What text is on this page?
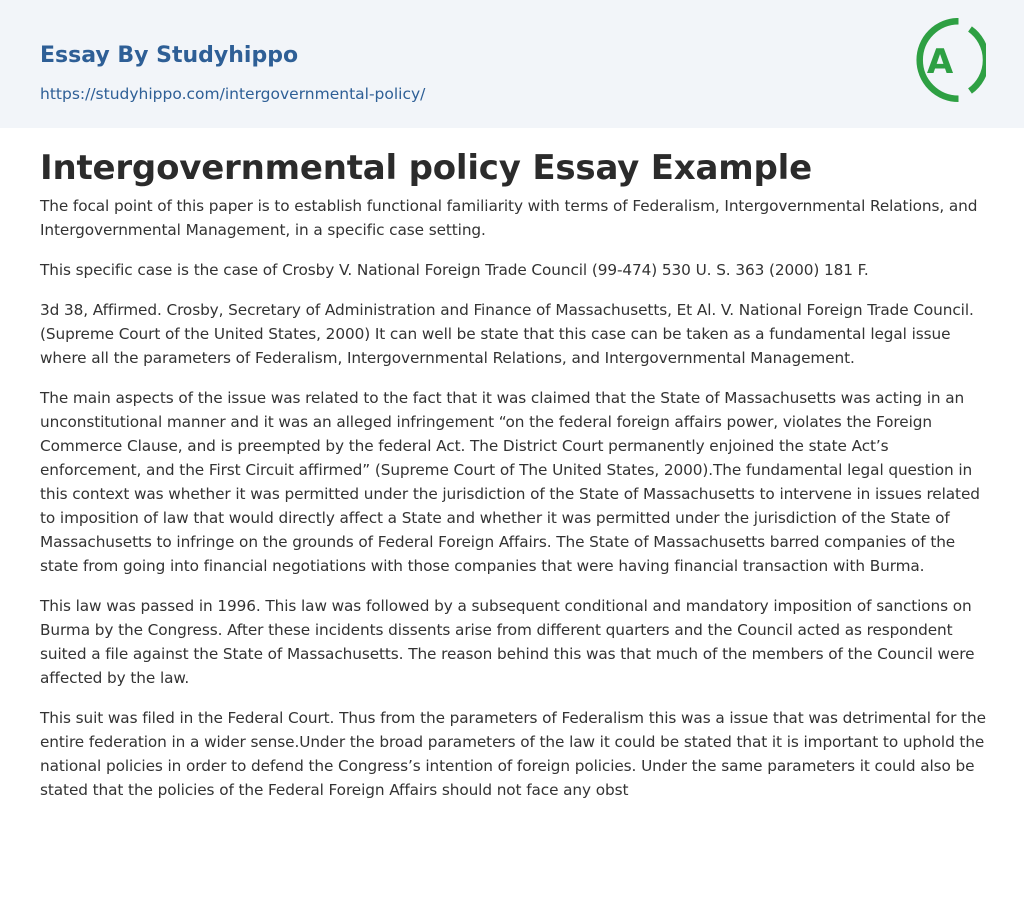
Essay By Studyhippo
https://studyhippo.com/intergovernmental-policy/
A
Intergovernmental policy Essay Example

The focal point of this paper is to establish functional familiarity with terms of Federalism, Intergovernmental Relations, and Intergovernmental Management, in a specific case setting.

This specific case is the case of Crosby V. National Foreign Trade Council (99-474) 530 U. S. 363 (2000) 181 F.

3d 38, Affirmed. Crosby, Secretary of Administration and Finance of Massachusetts, Et Al. V. National Foreign Trade Council. (Supreme Court of the United States, 2000) It can well be state that this case can be taken as a fundamental legal issue where all the parameters of Federalism, Intergovernmental Relations, and Intergovernmental Management.

The main aspects of the issue was related to the fact that it was claimed that the State of Massachusetts was acting in an unconstitutional manner and it was an alleged infringement “on the federal foreign affairs power, violates the Foreign Commerce Clause, and is preempted by the federal Act. The District Court permanently enjoined the state Act’s enforcement, and the First Circuit affirmed” (Supreme Court of The United States, 2000).The fundamental legal question in this context was whether it was permitted under the jurisdiction of the State of Massachusetts to intervene in issues related to imposition of law that would directly affect a State and whether it was permitted under the jurisdiction of the State of Massachusetts to infringe on the grounds of Federal Foreign Affairs. The State of Massachusetts barred companies of the state from going into financial negotiations with those companies that were having financial transaction with Burma.

This law was passed in 1996. This law was followed by a subsequent conditional and mandatory imposition of sanctions on Burma by the Congress. After these incidents dissents arise from different quarters and the Council acted as respondent suited a file against the State of Massachusetts. The reason behind this was that much of the members of the Council were affected by the law.

This suit was filed in the Federal Court. Thus from the parameters of Federalism this was a issue that was detrimental for the entire federation in a wider sense.Under the broad parameters of the law it could be stated that it is important to uphold the national policies in order to defend the Congress’s intention of foreign policies. Under the same parameters it could also be stated that the policies of the Federal Foreign Affairs should not face any obst
